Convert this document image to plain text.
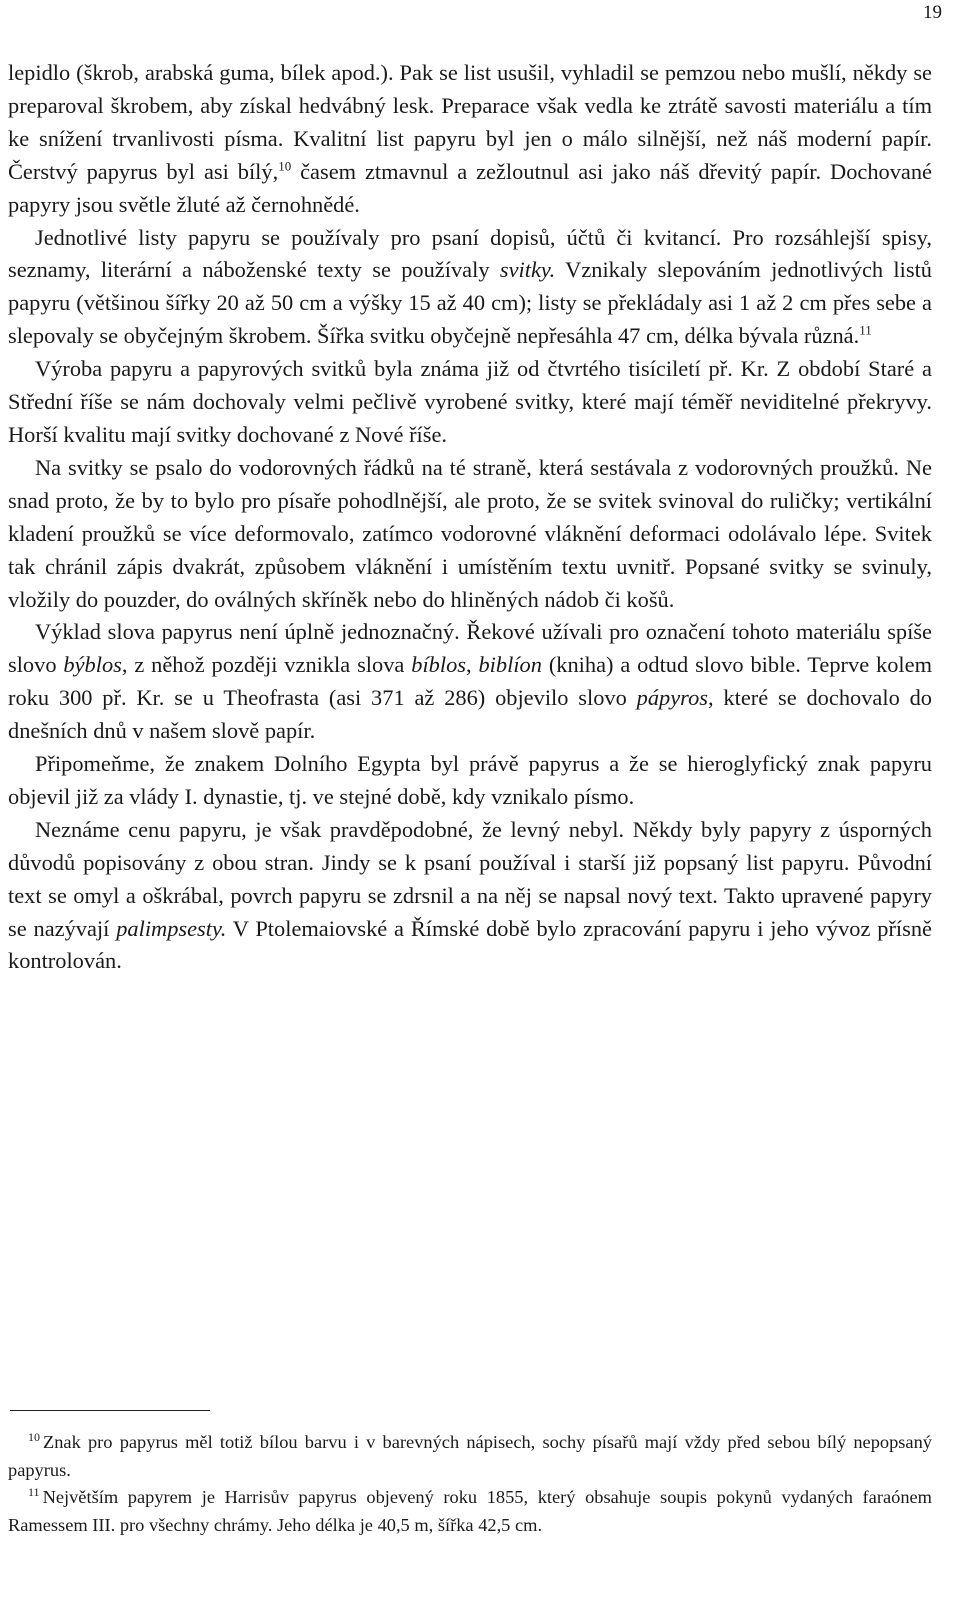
19

lepidlo (škrob, arabská guma, bílek apod.). Pak se list usušil, vyhladil se pemzou nebo mušlí, někdy se preparoval škrobem, aby získal hedvábný lesk. Preparace však vedla ke ztrátě savosti materiálu a tím ke snížení trvanlivosti písma. Kvalitní list papyru byl jen o málo silnější, než náš moderní papír. Čerstvý papyrus byl asi bílý,$^{10}$ časem ztmavnul a zežloutnul asi jako náš dřevitý papír. Dochované papyry jsou světle žluté až černohnědé.

Jednotlivé listy papyru se používaly pro psaní dopisů, účtů či kvitancí. Pro rozsáhlejší spisy, seznamy, literární a náboženské texty se používaly svitky. Vznikaly slepováním jednotlivých listů papyru (většinou šířky 20 až 50 cm a výšky 15 až 40 cm); listy se překládaly asi 1 až 2 cm přes sebe a slepovaly se obyčejným škrobem. Šířka svitku obyčejně nepřesáhla 47 cm, délka bývala různá.$^{11}$

Výroba papyru a papyrových svitků byla známa již od čtvrtého tisíciletí př. Kr. Z období Staré a Střední říše se nám dochovaly velmi pečlivě vyrobené svitky, které mají téměř neviditelné překryvy. Horší kvalitu mají svitky dochované z Nové říše.

Na svitky se psalo do vodorovných řádků na té straně, která sestávala z vodorovných proužků. Ne snad proto, že by to bylo pro písaře pohodlnější, ale proto, že se svitek svinoval do ruličky; vertikální kladení proužků se více deformovalo, zatímco vodorovné vláknění deformaci odolávalo lépe. Svitek tak chránil zápis dvakrát, způsobem vláknění i umístěním textu uvnitř. Popsané svitky se svinuly, vložily do pouzder, do oválných skříněk nebo do hliněných nádob či košů.

Výklad slova papyrus není úplně jednoznačný. Řekové užívali pro označení tohoto materiálu spíše slovo býblos, z něhož později vznikla slova bíblos, biblíon (kniha) a odtud slovo bible. Teprve kolem roku 300 př. Kr. se u Theofrasta (asi 371 až 286) objevilo slovo pápyros, které se dochovalo do dnešních dnů v našem slově papír.

Připomeňme, že znakem Dolního Egypta byl právě papyrus a že se hieroglyfický znak papyru objevil již za vlády I. dynastie, tj. ve stejné době, kdy vznikalo písmo.

Neznáme cenu papyru, je však pravděpodobné, že levný nebyl. Někdy byly papyry z úsporných důvodů popisovány z obou stran. Jindy se k psaní používal i starší již popsaný list papyru. Původní text se omyl a oškrábal, povrch papyru se zdrsnil a na něj se napsal nový text. Takto upravené papyry se nazývají palimpsesty. V Ptolemaiovské a Římské době bylo zpracování papyru i jeho vývoz přísně kontrolován.

$^{10}$ Znak pro papyrus měl totiž bílou barvu i v barevných nápisech, sochy písařů mají vždy před sebou bílý nepopsaný papyrus.

$^{11}$ Největším papyrem je Harrisův papyrus objevený roku 1855, který obsahuje soupis pokynů vydaných faraónem Ramessem III. pro všechny chrámy. Jeho délka je 40,5 m, šířka 42,5 cm.
